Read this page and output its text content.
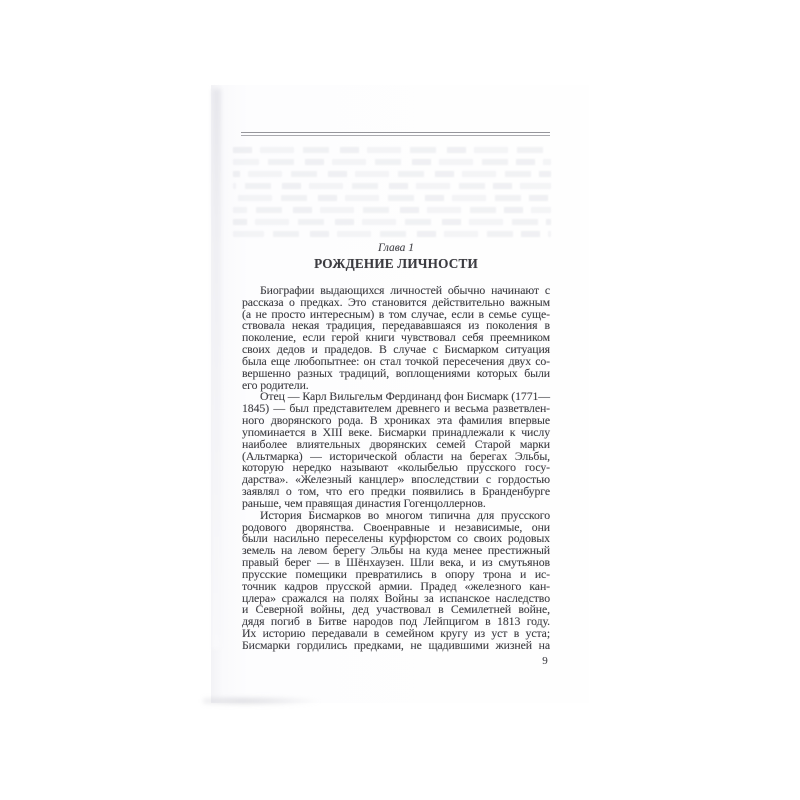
Глава 1
РОЖДЕНИЕ ЛИЧНОСТИ
Биографии выдающихся личностей обычно начинают с
рассказа о предках. Это становится действительно важным
(а не просто интересным) в том случае, если в семье суще-
ствовала некая традиция, передававшаяся из поколения в
поколение, если герой книги чувствовал себя преемником
своих дедов и прадедов. В случае с Бисмарком ситуация
была еще любопытнее: он стал точкой пересечения двух со-
вершенно разных традиций, воплощениями которых были
его родители.
Отец — Карл Вильгельм Фердинанд фон Бисмарк (1771—
1845) — был представителем древнего и весьма разветвлен-
ного дворянского рода. В хрониках эта фамилия впервые
упоминается в XIII веке. Бисмарки принадлежали к числу
наиболее влиятельных дворянских семей Старой марки
(Альтмарка) — исторической области на берегах Эльбы,
которую нередко называют «колыбелью прусского госу-
дарства». «Железный канцлер» впоследствии с гордостью
заявлял о том, что его предки появились в Бранденбурге
раньше, чем правящая династия Гогенцоллернов.
История Бисмарков во многом типична для прусского
родового дворянства. Своенравные и независимые, они
были насильно переселены курфюрстом со своих родовых
земель на левом берегу Эльбы на куда менее престижный
правый берег — в Шёнхаузен. Шли века, и из смутьянов
прусские помещики превратились в опору трона и ис-
точник кадров прусской армии. Прадед «железного кан-
цлера» сражался на полях Войны за испанское наследство
и Северной войны, дед участвовал в Семилетней войне,
дядя погиб в Битве народов под Лейпцигом в 1813 году.
Их историю передавали в семейном кругу из уст в уста;
Бисмарки гордились предками, не щадившими жизней на
9
